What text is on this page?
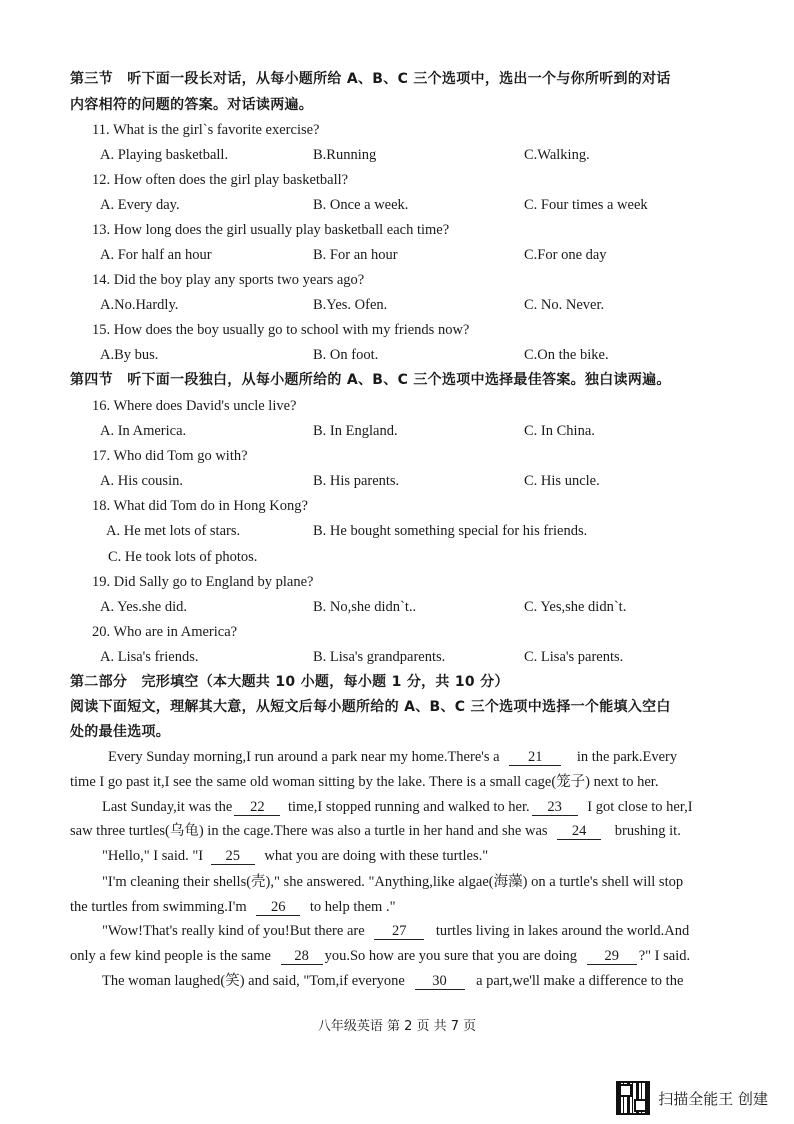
第三节　听下面一段长对话，从每小题所给 A、B、C 三个选项中，选出一个与你所听到的对话
内容相符的问题的答案。对话读两遍。
11. What is the girl`s favorite exercise?
A. Playing basketball.	B.Running	C.Walking.
12. How often does the girl play basketball?
A. Every day.	B. Once a week.	C. Four times a week
13. How long does the girl usually play basketball each time?
A. For half an hour	B. For an hour	C.For one day
14. Did the boy play any sports two years ago?
A.No.Hardly.	B.Yes. Ofen.	C. No. Never.
15. How does the boy usually go to school with my friends now?
A.By bus.	B. On foot.	C.On the bike.
第四节　听下面一段独白，从每小题所给的 A、B、C 三个选项中选择最佳答案。独白读两遍。
16. Where does David's uncle live?
A. In America.	B. In England.	C. In China.
17. Who did Tom go with?
A. His cousin.	B. His parents.	C. His uncle.
18. What did Tom do in Hong Kong?
A. He met lots of stars.	B. He bought something special for his friends.
C. He took lots of photos.
19. Did Sally go to England by plane?
A. Yes.she did.	B. No,she didn`t..	C. Yes,she didn`t.
20. Who are in America?
A. Lisa's friends.	B. Lisa's grandparents.	C. Lisa's parents.
第二部分　完形填空（本大题共 10 小题，每小题 1 分，共 10 分）
阅读下面短文，理解其大意，从短文后每小题所给的 A、B、C 三个选项中选择一个能填入空白
处的最佳选项。
Every Sunday morning,I run around a park near my home.There's a 21 in the park.Every
time I go past it,I see the same old woman sitting by the lake. There is a small cage(笼子) next to her.
Last Sunday,it was the 22 time,I stopped running and walked to her. 23 I got close to her,I
saw three turtles(乌龟) in the cage.There was also a turtle in her hand and she was 24 brushing it.
"Hello," I said. "I 25 what you are doing with these turtles."
"I'm cleaning their shells(壳)," she answered. "Anything,like algae(海藻) on a turtle's shell will stop
the turtles from swimming.I'm 26 to help them ."
"Wow!That's really kind of you!But there are 27 turtles living in lakes around the world.And
only a few kind people is the same 28 you.So how are you sure that you are doing 29 ?" I said.
The woman laughed(笑) and said, "Tom,if everyone 30 a part,we'll make a difference to the
八年级英语 第 2 页 共 7 页
扫描全能王 创建
